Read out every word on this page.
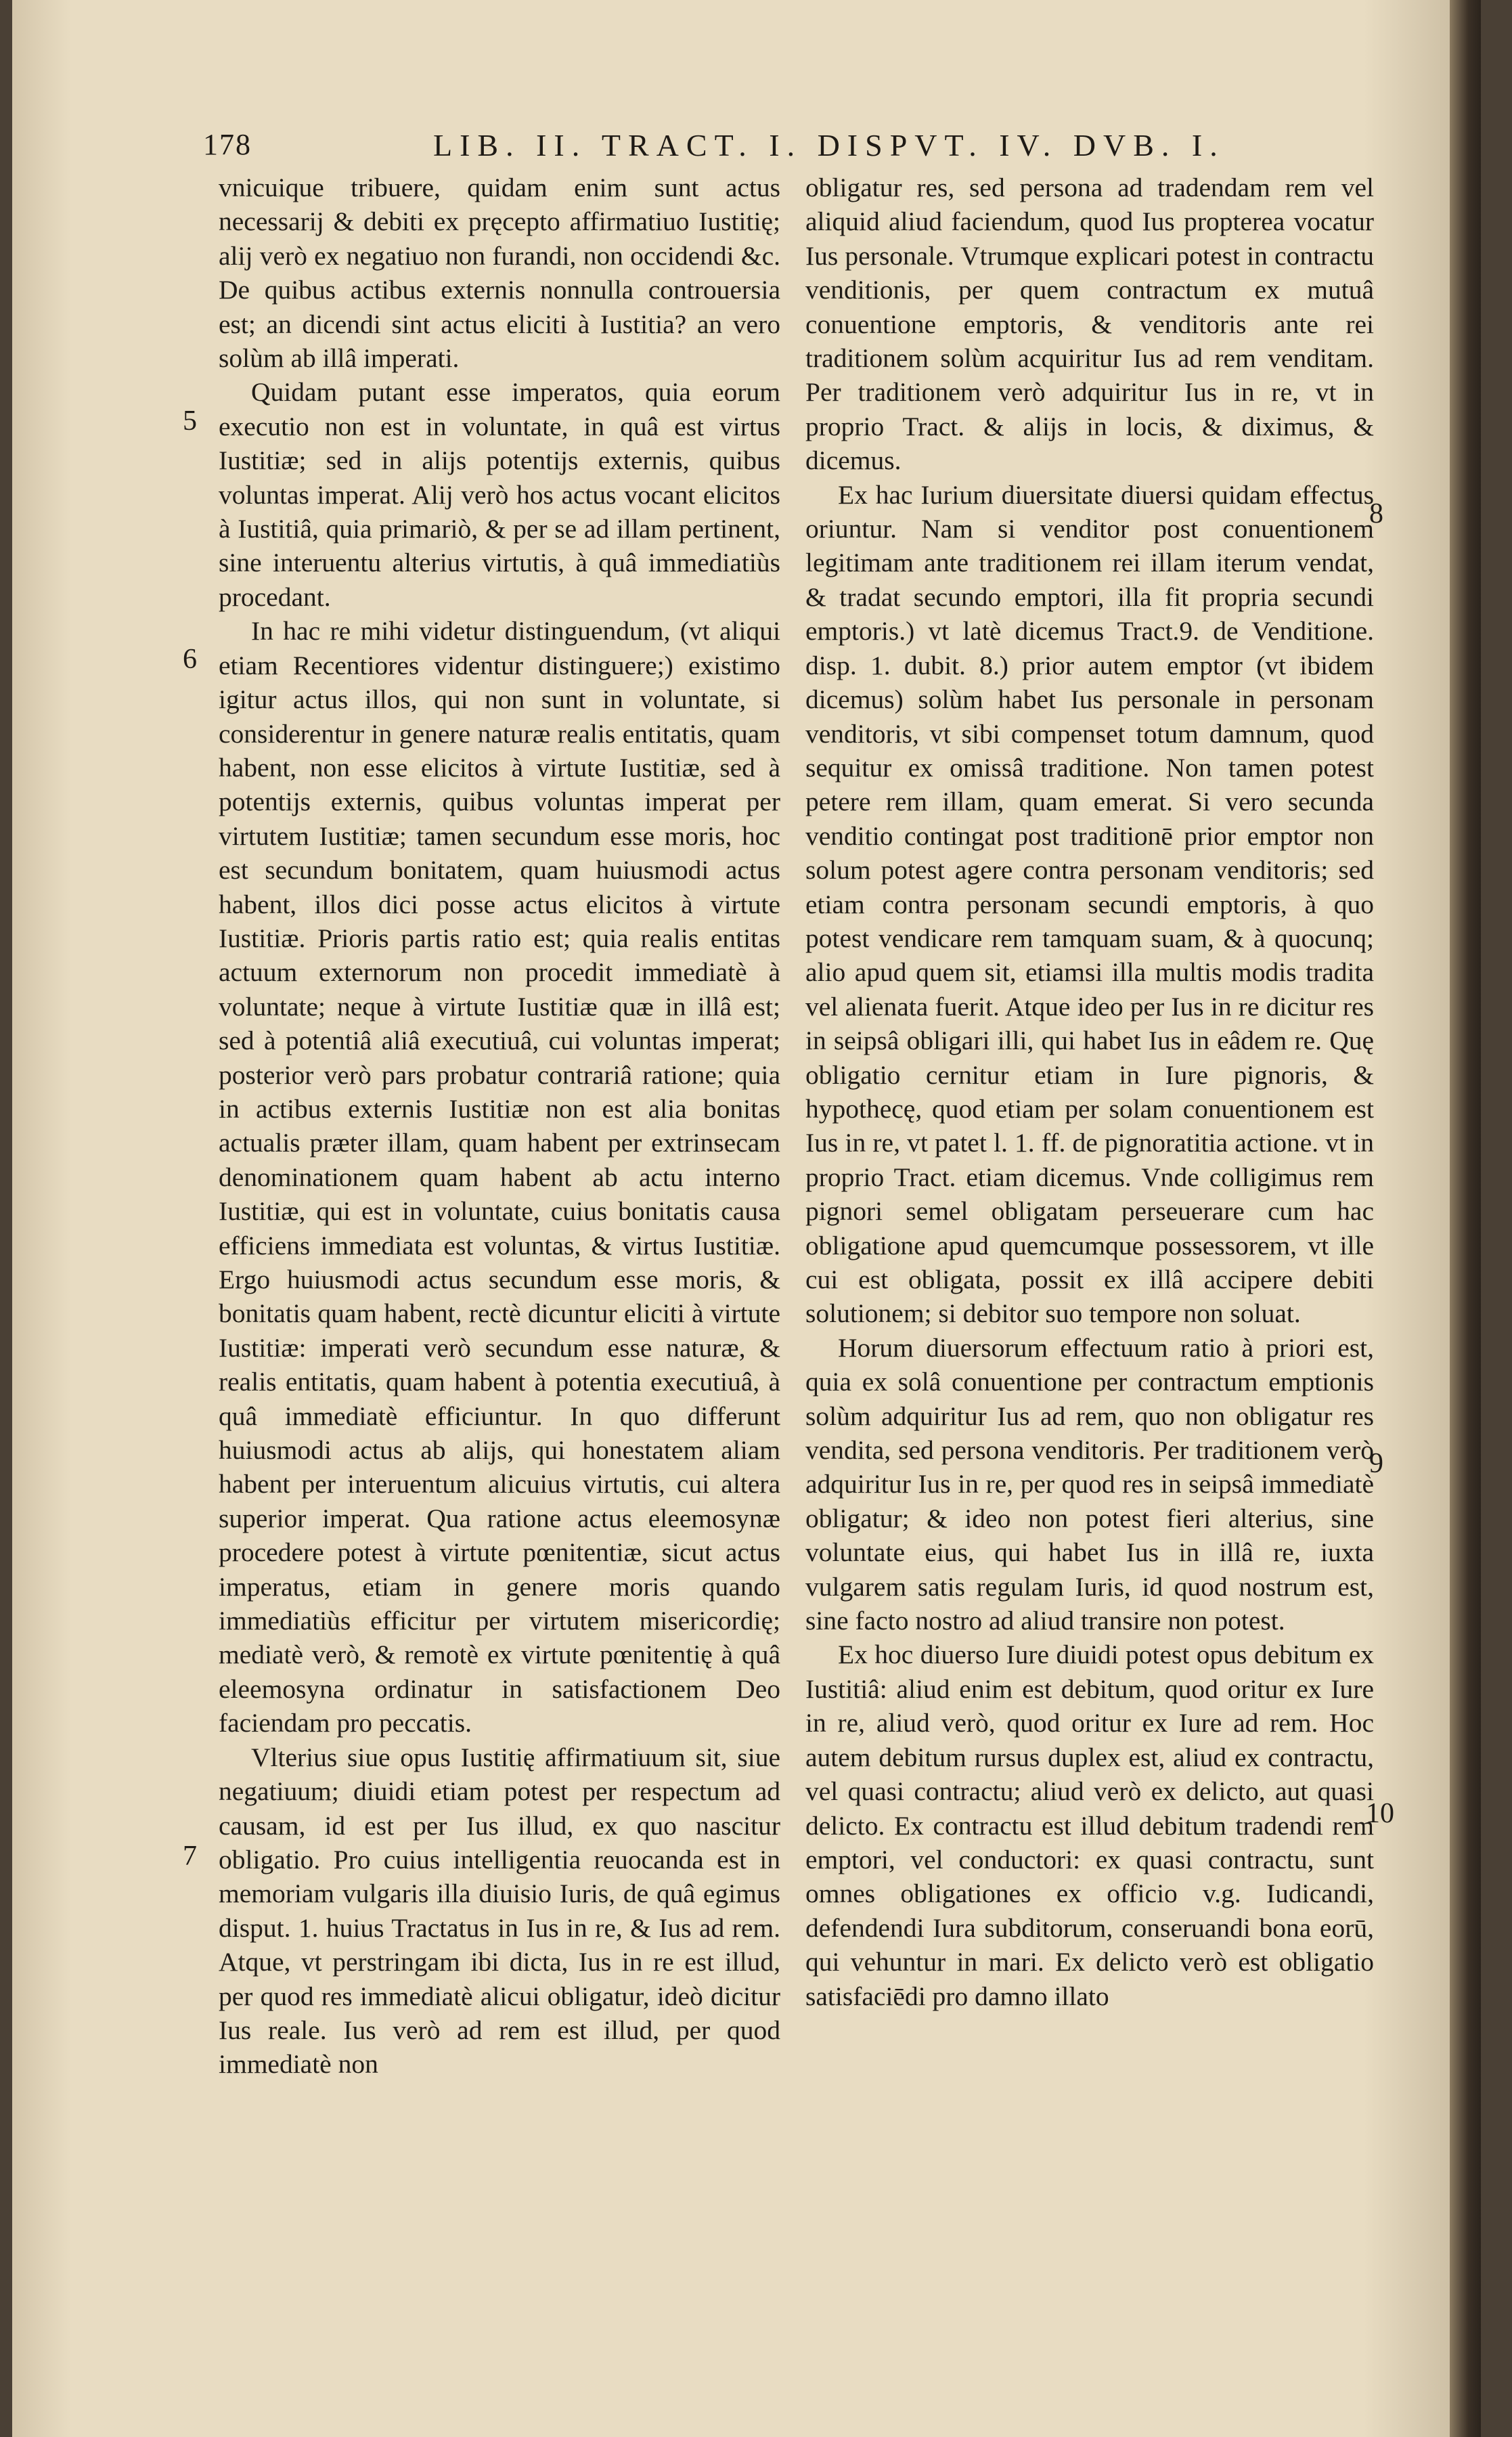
178	LIB. II. TRACT. I. DISPVT. IV. DVB. I.

vnicuique tribuere, quidam enim sunt actus necessarij & debiti ex pręcepto affirmatiuo Iustitię; alij verò ex negatiuo non furandi, non occidendi &c. De quibus actibus externis nonnulla controuersia est; an dicendi sint actus eliciti à Iustitia? an vero solùm ab illâ imperati.

Quidam putant esse imperatos, quia eorum executio non est in voluntate, in quâ est virtus Iustitiæ; sed in alijs potentijs externis, quibus voluntas imperat. Alij verò hos actus vocant elicitos à Iustitiâ, quia primariò, & per se ad illam pertinent, sine interuentu alterius virtutis, à quâ immediatiùs procedant.

In hac re mihi videtur distinguendum, (vt aliqui etiam Recentiores videntur distinguere;) existimo igitur actus illos, qui non sunt in voluntate, si considerentur in genere naturæ realis entitatis, quam habent, non esse elicitos à virtute Iustitiæ, sed à potentijs externis, quibus voluntas imperat per virtutem Iustitiæ; tamen secundum esse moris, hoc est secundum bonitatem, quam huiusmodi actus habent, illos dici posse actus elicitos à virtute Iustitiæ. Prioris partis ratio est; quia realis entitas actuum externorum non procedit immediatè à voluntate; neque à virtute Iustitiæ quæ in illâ est; sed à potentiâ aliâ executiuâ, cui voluntas imperat; posterior verò pars probatur contrariâ ratione; quia in actibus externis Iustitiæ non est alia bonitas actualis præter illam, quam habent per extrinsecam denominationem quam habent ab actu interno Iustitiæ, qui est in voluntate, cuius bonitatis causa efficiens immediata est voluntas, & virtus Iustitiæ. Ergo huiusmodi actus secundum esse moris, & bonitatis quam habent, rectè dicuntur eliciti à virtute Iustitiæ: imperati verò secundum esse naturæ, & realis entitatis, quam habent à potentia executiuâ, à quâ immediatè efficiuntur. In quo differunt huiusmodi actus ab alijs, qui honestatem aliam habent per interuentum alicuius virtutis, cui altera superior imperat. Qua ratione actus eleemosynæ procedere potest à virtute pœnitentiæ, sicut actus imperatus, etiam in genere moris quando immediatiùs efficitur per virtutem misericordię; mediatè verò, & remotè ex virtute pœnitentię à quâ eleemosyna ordinatur in satisfactionem Deo faciendam pro peccatis.

Vlterius siue opus Iustitię affirmatiuum sit, siue negatiuum; diuidi etiam potest per respectum ad causam, id est per Ius illud, ex quo nascitur obligatio. Pro cuius intelligentia reuocanda est in memoriam vulgaris illa diuisio Iuris, de quâ egimus disput. 1. huius Tractatus in Ius in re, & Ius ad rem. Atque, vt perstringam ibi dicta, Ius in re est illud, per quod res immediatè alicui obligatur, ideò dicitur Ius reale. Ius verò ad rem est illud, per quod immediatè non

obligatur res, sed persona ad tradendam rem vel aliquid aliud faciendum, quod Ius propterea vocatur Ius personale. Vtrumque explicari potest in contractu venditionis, per quem contractum ex mutuâ conuentione emptoris, & venditoris ante rei traditionem solùm acquiritur Ius ad rem venditam. Per traditionem verò adquiritur Ius in re, vt in proprio Tract. & alijs in locis, & diximus, & dicemus.

Ex hac Iurium diuersitate diuersi quidam effectus oriuntur. Nam si venditor post conuentionem legitimam ante traditionem rei illam iterum vendat, & tradat secundo emptori, illa fit propria secundi emptoris.) vt latè dicemus Tract.9. de Venditione. disp. 1. dubit. 8.) prior autem emptor (vt ibidem dicemus) solùm habet Ius personale in personam venditoris, vt sibi compenset totum damnum, quod sequitur ex omissâ traditione. Non tamen potest petere rem illam, quam emerat. Si vero secunda venditio contingat post traditionē prior emptor non solum potest agere contra personam venditoris; sed etiam contra personam secundi emptoris, à quo potest vendicare rem tamquam suam, & à quocunq; alio apud quem sit, etiamsi illa multis modis tradita vel alienata fuerit. Atque ideo per Ius in re dicitur res in seipsâ obligari illi, qui habet Ius in eâdem re. Quę obligatio cernitur etiam in Iure pignoris, & hypothecę, quod etiam per solam conuentionem est Ius in re, vt patet l. 1. ff. de pignoratitia actione. vt in proprio Tract. etiam dicemus. Vnde colligimus rem pignori semel obligatam perseuerare cum hac obligatione apud quemcumque possessorem, vt ille cui est obligata, possit ex illâ accipere debiti solutionem; si debitor suo tempore non soluat.

Horum diuersorum effectuum ratio à priori est, quia ex solâ conuentione per contractum emptionis solùm adquiritur Ius ad rem, quo non obligatur res vendita, sed persona venditoris. Per traditionem verò adquiritur Ius in re, per quod res in seipsâ immediatè obligatur; & ideo non potest fieri alterius, sine voluntate eius, qui habet Ius in illâ re, iuxta vulgarem satis regulam Iuris, id quod nostrum est, sine facto nostro ad aliud transire non potest.

Ex hoc diuerso Iure diuidi potest opus debitum ex Iustitiâ: aliud enim est debitum, quod oritur ex Iure in re, aliud verò, quod oritur ex Iure ad rem. Hoc autem debitum rursus duplex est, aliud ex contractu, vel quasi contractu; aliud verò ex delicto, aut quasi delicto. Ex contractu est illud debitum tradendi rem emptori, vel conductori: ex quasi contractu, sunt omnes obligationes ex officio v.g. Iudicandi, defendendi Iura subditorum, conseruandi bona eorū, qui vehuntur in mari. Ex delicto verò est obligatio satisfaciēdi pro damno illato

5
6
7
8
9
10
